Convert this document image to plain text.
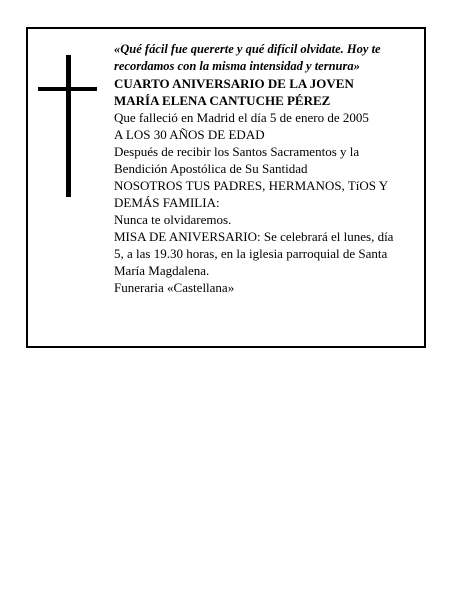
«Qué fácil fue quererte y qué difícil olvidate. Hoy te
recordamos con la misma intensidad y ternura»
CUARTO ANIVERSARIO DE LA JOVEN
MARÍA ELENA CANTUCHE PÉREZ
Que falleció en Madrid el día 5 de enero de 2005
A LOS 30 AÑOS DE EDAD
Después de recibir los Santos Sacramentos y la
Bendición Apostólica de Su Santidad
NOSOTROS TUS PADRES, HERMANOS, TíOS Y
DEMÁS FAMILIA:
Nunca te olvidaremos.
MISA DE ANIVERSARIO: Se celebrará el lunes, día
5, a las 19.30 horas, en la iglesia parroquial de Santa
María Magdalena.
Funeraria «Castellana»
